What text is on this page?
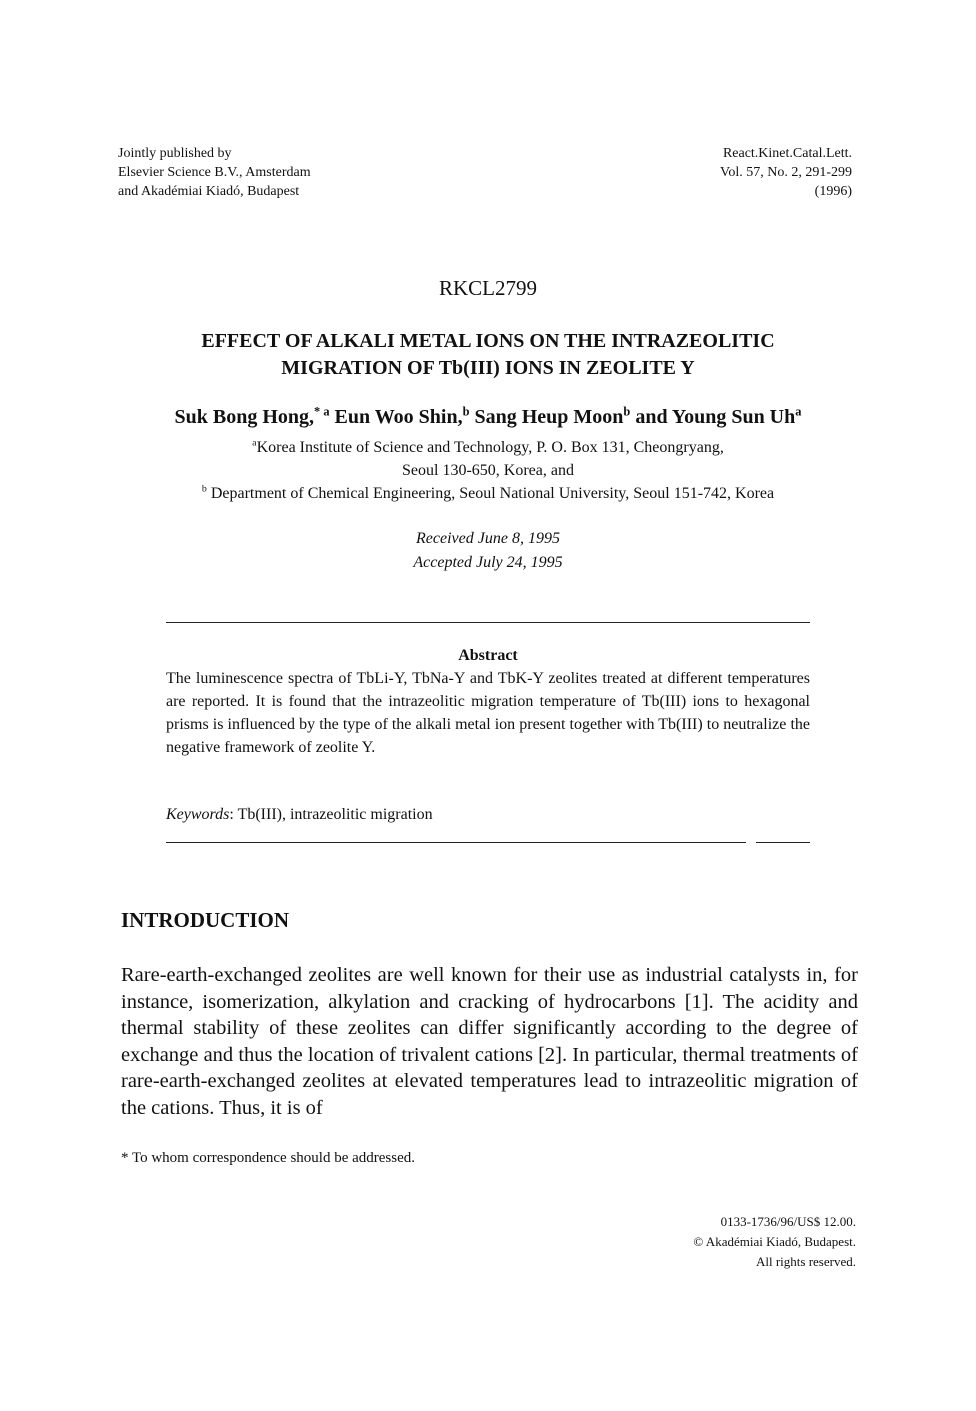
Jointly published by
Elsevier Science B.V., Amsterdam
and Akadémiai Kiadó, Budapest
React.Kinet.Catal.Lett.
Vol. 57, No. 2, 291-299
(1996)
RKCL2799
EFFECT OF ALKALI METAL IONS ON THE INTRAZEOLITIC
MIGRATION OF Tb(III) IONS IN ZEOLITE Y
Suk Bong Hong,$^{* a}$ Eun Woo Shin,$^b$ Sang Heup Moon$^b$ and Young Sun Uh$^a$
$^a$Korea Institute of Science and Technology, P. O. Box 131, Cheongryang,
Seoul 130-650, Korea, and
$^b$ Department of Chemical Engineering, Seoul National University, Seoul 151-742, Korea
Received June 8, 1995
Accepted July 24, 1995
Abstract
The luminescence spectra of TbLi-Y, TbNa-Y and TbK-Y zeolites treated at different temperatures are reported. It is found that the intrazeolitic migration temperature of Tb(III) ions to hexagonal prisms is influenced by the type of the alkali metal ion present together with Tb(III) to neutralize the negative framework of zeolite Y.
Keywords: Tb(III), intrazeolitic migration
INTRODUCTION
Rare-earth-exchanged zeolites are well known for their use as industrial catalysts in, for instance, isomerization, alkylation and cracking of hydrocarbons [1]. The acidity and thermal stability of these zeolites can differ significantly according to the degree of exchange and thus the location of trivalent cations [2]. In particular, thermal treatments of rare-earth-exchanged zeolites at elevated temperatures lead to intrazeolitic migration of the cations. Thus, it is of
* To whom correspondence should be addressed.
0133-1736/96/US$ 12.00.
© Akadémiai Kiadó, Budapest.
All rights reserved.
